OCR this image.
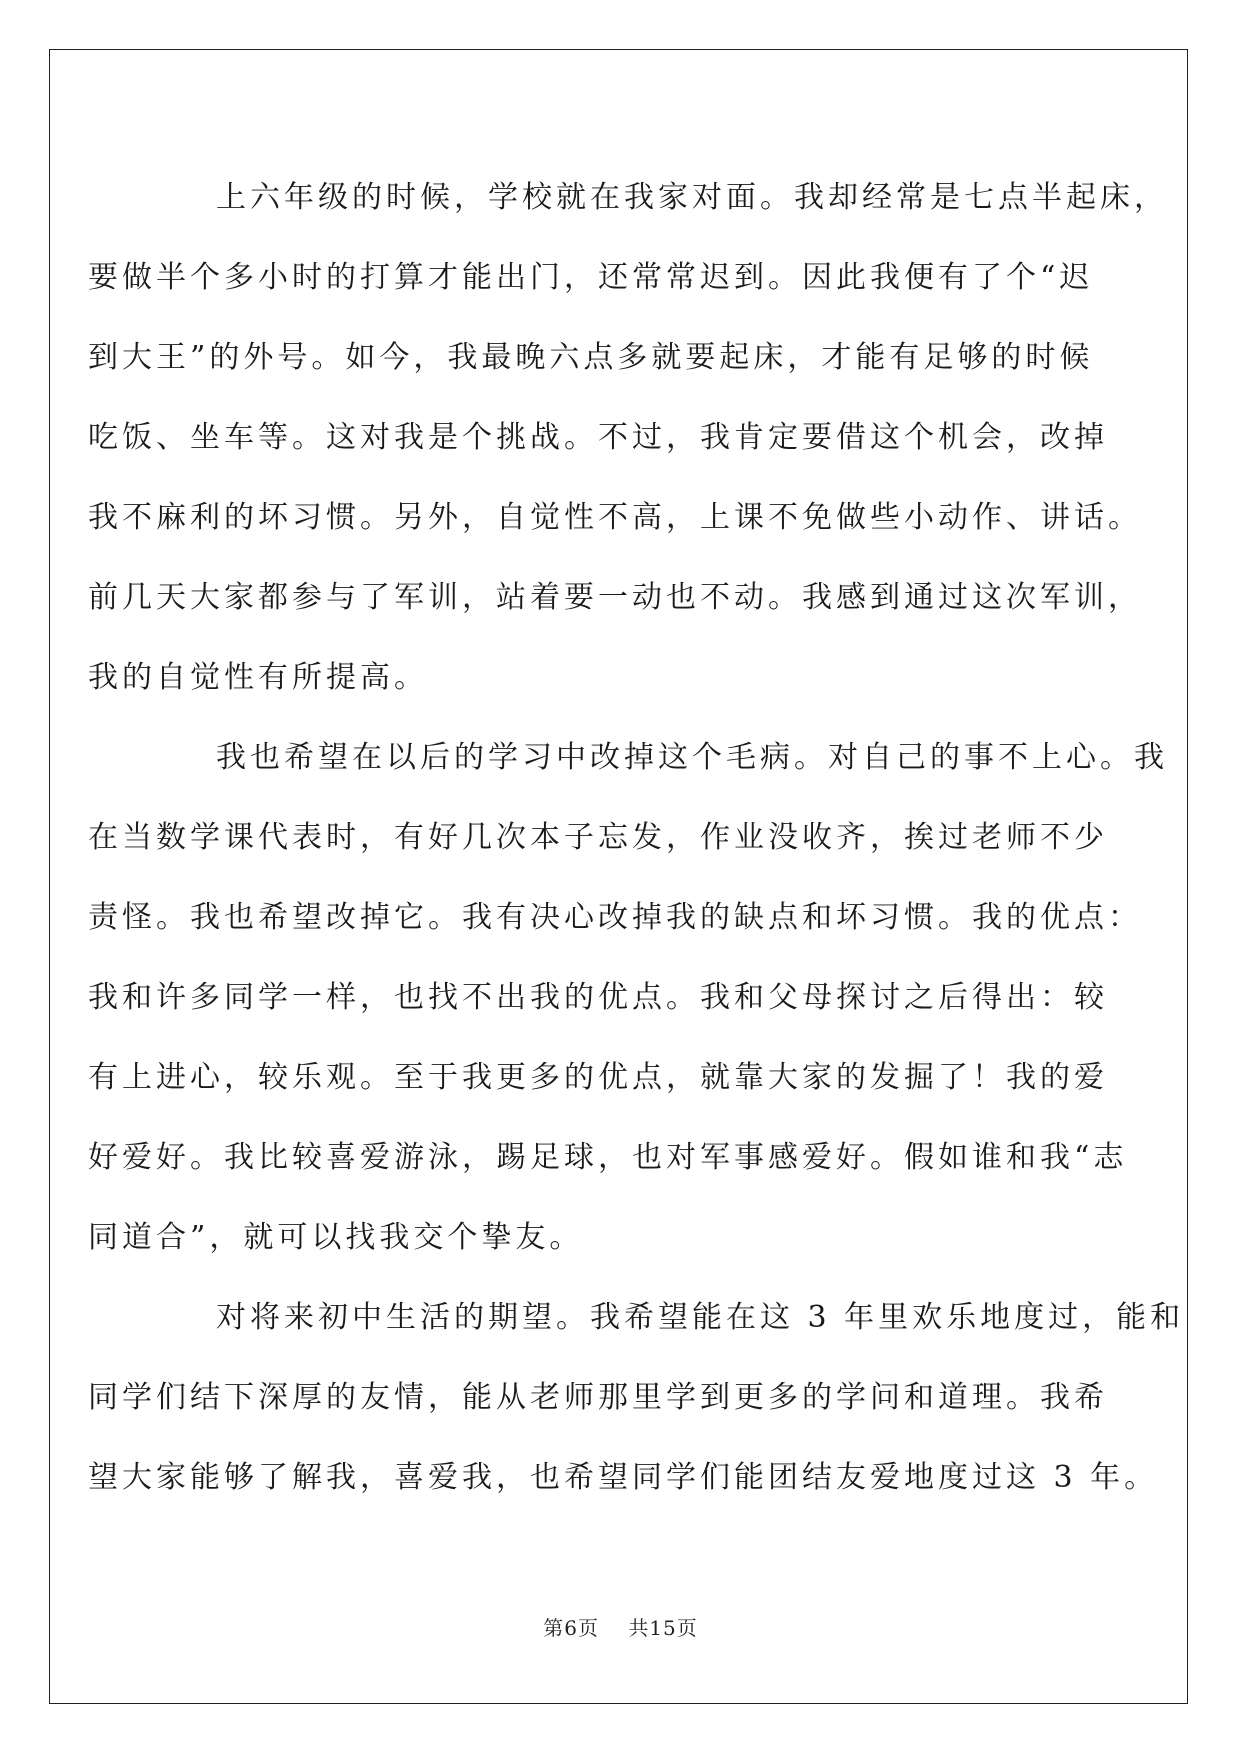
上六年级的时候，学校就在我家对面。我却经常是七点半起床，
要做半个多小时的打算才能出门，还常常迟到。因此我便有了个“迟
到大王”的外号。如今，我最晚六点多就要起床，才能有足够的时候
吃饭、坐车等。这对我是个挑战。不过，我肯定要借这个机会，改掉
我不麻利的坏习惯。另外，自觉性不高，上课不免做些小动作、讲话。
前几天大家都参与了军训，站着要一动也不动。我感到通过这次军训，
我的自觉性有所提高。

我也希望在以后的学习中改掉这个毛病。对自己的事不上心。我
在当数学课代表时，有好几次本子忘发，作业没收齐，挨过老师不少
责怪。我也希望改掉它。我有决心改掉我的缺点和坏习惯。我的优点：
我和许多同学一样，也找不出我的优点。我和父母探讨之后得出：较
有上进心，较乐观。至于我更多的优点，就靠大家的发掘了！我的爱
好爱好。我比较喜爱游泳，踢足球，也对军事感爱好。假如谁和我“志
同道合”，就可以找我交个挚友。

对将来初中生活的期望。我希望能在这 3 年里欢乐地度过，能和
同学们结下深厚的友情，能从老师那里学到更多的学问和道理。我希
望大家能够了解我，喜爱我，也希望同学们能团结友爱地度过这 3 年。

第6页 共15页
